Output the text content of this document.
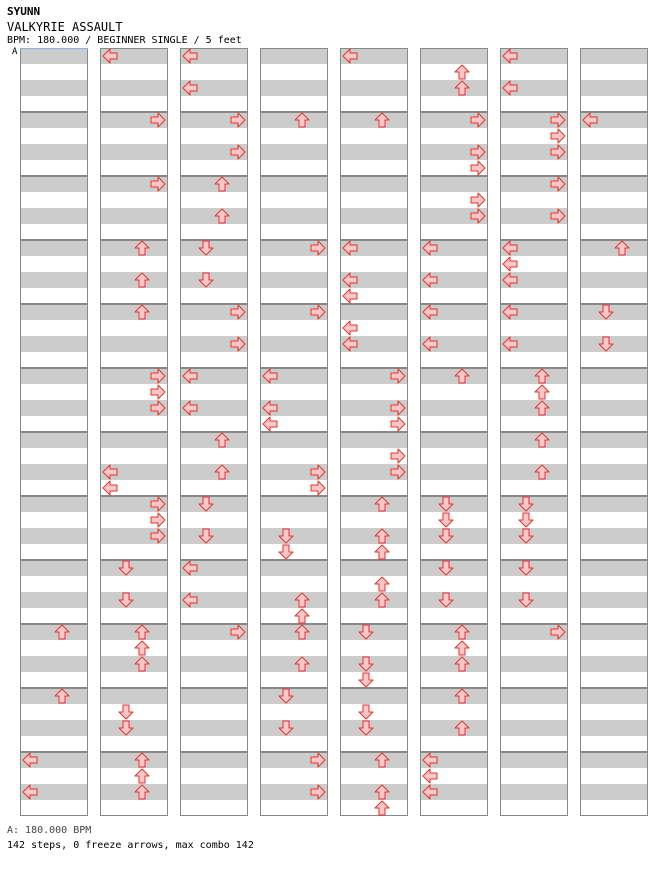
SYUNN
VALKYRIE ASSAULT
BPM: 180.000 / BEGINNER SINGLE / 5 feet
A
A: 180.000 BPM
142 steps, 0 freeze arrows, max combo 142
